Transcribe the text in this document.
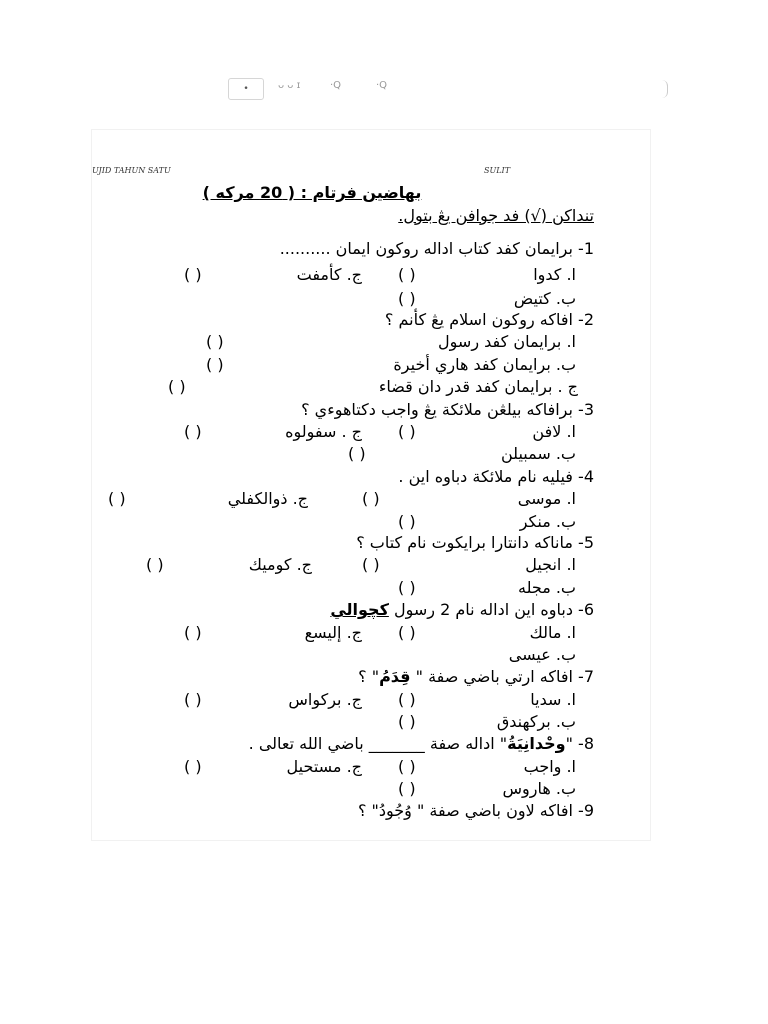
•	ᴗ ᴗ ɪ	·Q	·Q
UJID TAHUN SATU	SULIT
بهاضين فرتام : ( 20 مركه )
تنداكن (√) فد جوافن يڠ بتول.
1- برايمان كفد كتاب اداله روكون ايمان ..........
ا. كدوا
( )
ج. كأمفت
( )
ب. كتيض
( )
2- افاكه روكون اسلام يڠ كأنم ؟
ا. برايمان كفد رسول
( )
ب. برايمان كفد هاري أخيرة
( )
ج . برايمان كفد قدر دان قضاء
( )
3- برافاكه بيلڠن ملائكة يڠ واجب دكتاهوءي ؟
ا. لافن
( )
ج . سفولوه
( )
ب. سمبيلن
( )
4- فيليه نام ملائكة دباوه اين .
ا. موسى
( )
ج. ذوالكفلي
( )
ب. منكر
( )
5- ماناكه دانتارا برايكوت نام كتاب ؟
ا. انجيل
( )
ج. كوميك
( )
ب. مجله
( )
6- دباوه اين اداله نام 2 رسول كچوالي
ا. مالك
( )
ج. إليسع
( )
ب. عيسى
7- افاكه ارتي باضي صفة " قِدَمُ" ؟
ا. سديا
( )
ج. بركواس
( )
ب. بركهندق
( )
8- "وحْدانِيَةُ" اداله صفة _______ باضي الله تعالى .
ا. واجب
( )
ج. مستحيل
( )
ب. هاروس
( )
9- افاكه لاون باضي صفة " وُجُودُ" ؟
